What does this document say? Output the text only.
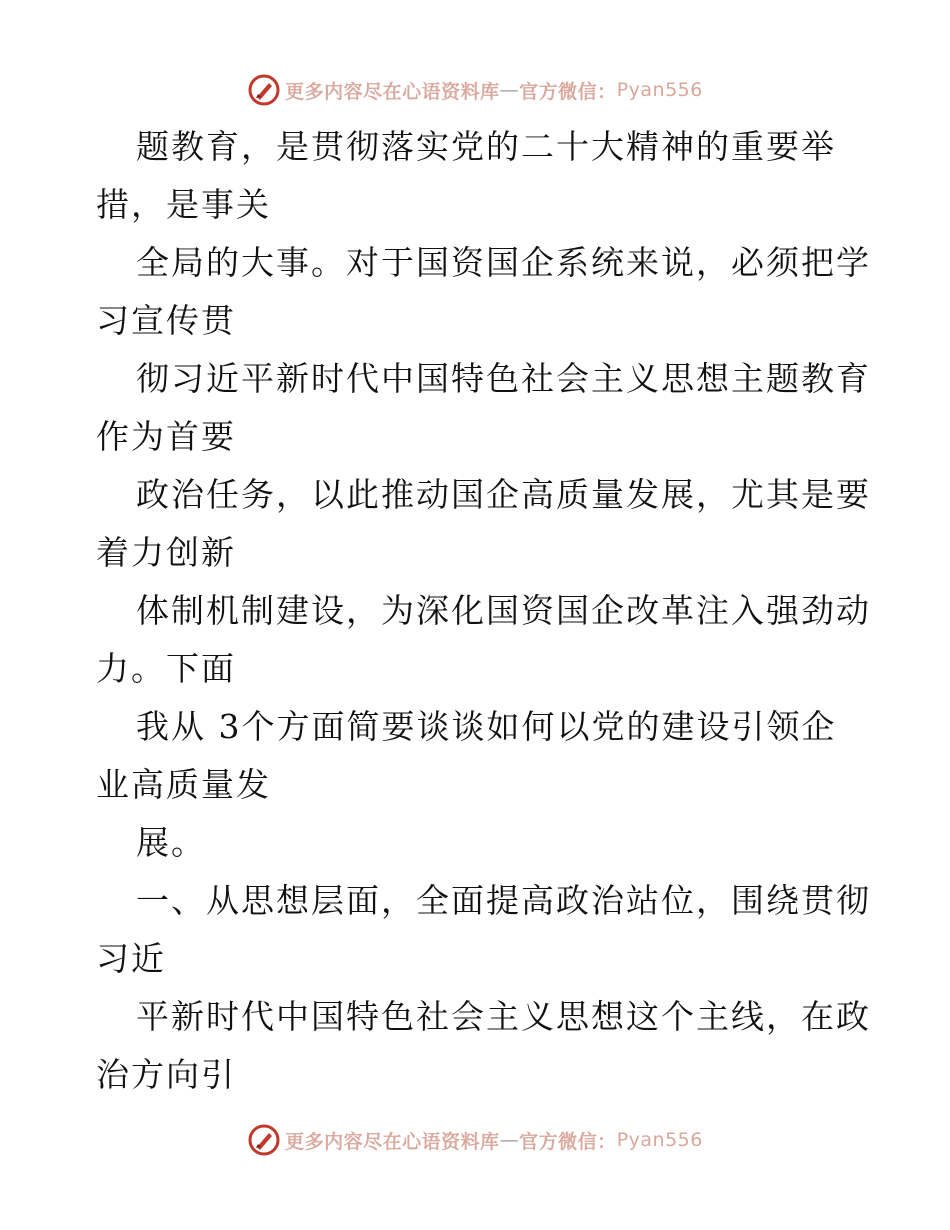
更多内容尽在心语资料库 — 官方微信： Pyan556
题教育，是贯彻落实党的二十大精神的重要举
措，是事关
全局的大事。对于国资国企系统来说，必须把学
习宣传贯
彻习近平新时代中国特色社会主义思想主题教育
作为首要
政治任务，以此推动国企高质量发展，尤其是要
着力创新
体制机制建设，为深化国资国企改革注入强劲动
力。下面
我从 3个方面简要谈谈如何以党的建设引领企
业高质量发
展。
一、从思想层面，全面提高政治站位，围绕贯彻
习近
平新时代中国特色社会主义思想这个主线，在政
治方向引
更多内容尽在心语资料库 — 官方微信： Pyan556
